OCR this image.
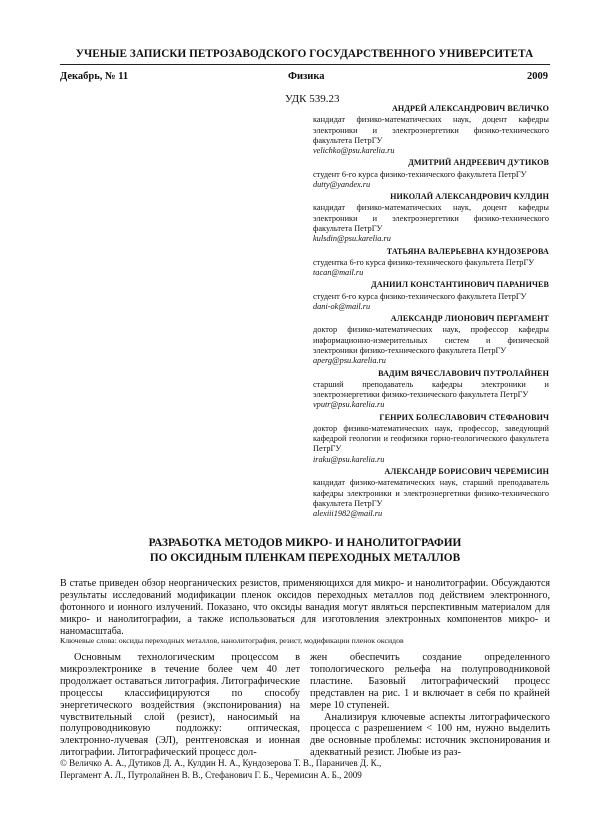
УЧЕНЫЕ ЗАПИСКИ ПЕТРОЗАВОДСКОГО ГОСУДАРСТВЕННОГО УНИВЕРСИТЕТА
Декабрь, № 11	Физика	2009
УДК 539.23
АНДРЕЙ АЛЕКСАНДРОВИЧ ВЕЛИЧКО
кандидат физико-математических наук, доцент кафедры электроники и электроэнергетики физико-технического факультета ПетрГУ
velichko@psu.karelia.ru
ДМИТРИЙ АНДРЕЕВИЧ ДУТИКОВ
студент 6-го курса физико-технического факультета ПетрГУ
dutty@yandex.ru
НИКОЛАЙ АЛЕКСАНДРОВИЧ КУЛДИН
кандидат физико-математических наук, доцент кафедры электроники и электроэнергетики физико-технического факультета ПетрГУ
kulsdin@psu.karelia.ru
ТАТЬЯНА ВАЛЕРЬЕВНА КУНДОЗЕРОВА
студентка 6-го курса физико-технического факультета ПетрГУ
tacan@mail.ru
ДАНИИЛ КОНСТАНТИНОВИЧ ПАРАНИЧЕВ
студент 6-го курса физико-технического факультета ПетрГУ
dani-ok@mail.ru
АЛЕКСАНДР ЛИОНОВИЧ ПЕРГАМЕНТ
доктор физико-математических наук, профессор кафедры информационно-измерительных систем и физической электроники физико-технического факультета ПетрГУ
aperg@psu.karelia.ru
ВАДИМ ВЯЧЕСЛАВОВИЧ ПУТРОЛАЙНЕН
старший преподаватель кафедры электроники и электроэнергетики физико-технического факультета ПетрГУ
vputr@psu.karelia.ru
ГЕНРИХ БОЛЕСЛАВОВИЧ СТЕФАНОВИЧ
доктор физико-математических наук, профессор, заведующий кафедрой геологии и геофизики горно-геологического факультета ПетрГУ
iraku@psu.karelia.ru
АЛЕКСАНДР БОРИСОВИЧ ЧЕРЕМИСИН
кандидат физико-математических наук, старший преподаватель кафедры электроники и электроэнергетики физико-технического факультета ПетрГУ
alexiii1982@mail.ru
РАЗРАБОТКА МЕТОДОВ МИКРО- И НАНОЛИТОГРАФИИ
ПО ОКСИДНЫМ ПЛЕНКАМ ПЕРЕХОДНЫХ МЕТАЛЛОВ
В статье приведен обзор неорганических резистов, применяющихся для микро- и нанолитографии. Обсуждаются результаты исследований модификации пленок оксидов переходных металлов под действием электронного, фотонного и ионного излучений. Показано, что оксиды ванадия могут являться перспективным материалом для микро- и нанолитографии, а также использоваться для изготовления электронных компонентов микро- и наномасштаба.
Ключевые слова: оксиды переходных металлов, нанолитография, резист, модификации пленок оксидов

Основным технологическим процессом в микроэлектронике в течение более чем 40 лет продолжает оставаться литография. Литографические процессы классифицируются по способу энергетического воздействия (экспонирования) на чувствительный слой (резист), наносимый на полупроводниковую подложку: оптическая, электронно-лучевая (ЭЛ), рентгеновская и ионная литографии. Литографический процесс дол-

жен обеспечить создание определенного топологического рельефа на полупроводниковой пластине. Базовый литографический процесс представлен на рис. 1 и включает в себя по крайней мере 10 ступеней.

Анализируя ключевые аспекты литографического процесса с разрешением < 100 нм, нужно выделить две основные проблемы: источник экспонирования и адекватный резист. Любые из раз-

© Величко А. А., Дутиков Д. А., Кулдин Н. А., Кундозерова Т. В., Параничев Д. К.,
Пергамент А. Л., Путролайнен В. В., Стефанович Г. Б., Черемисин А. Б., 2009
